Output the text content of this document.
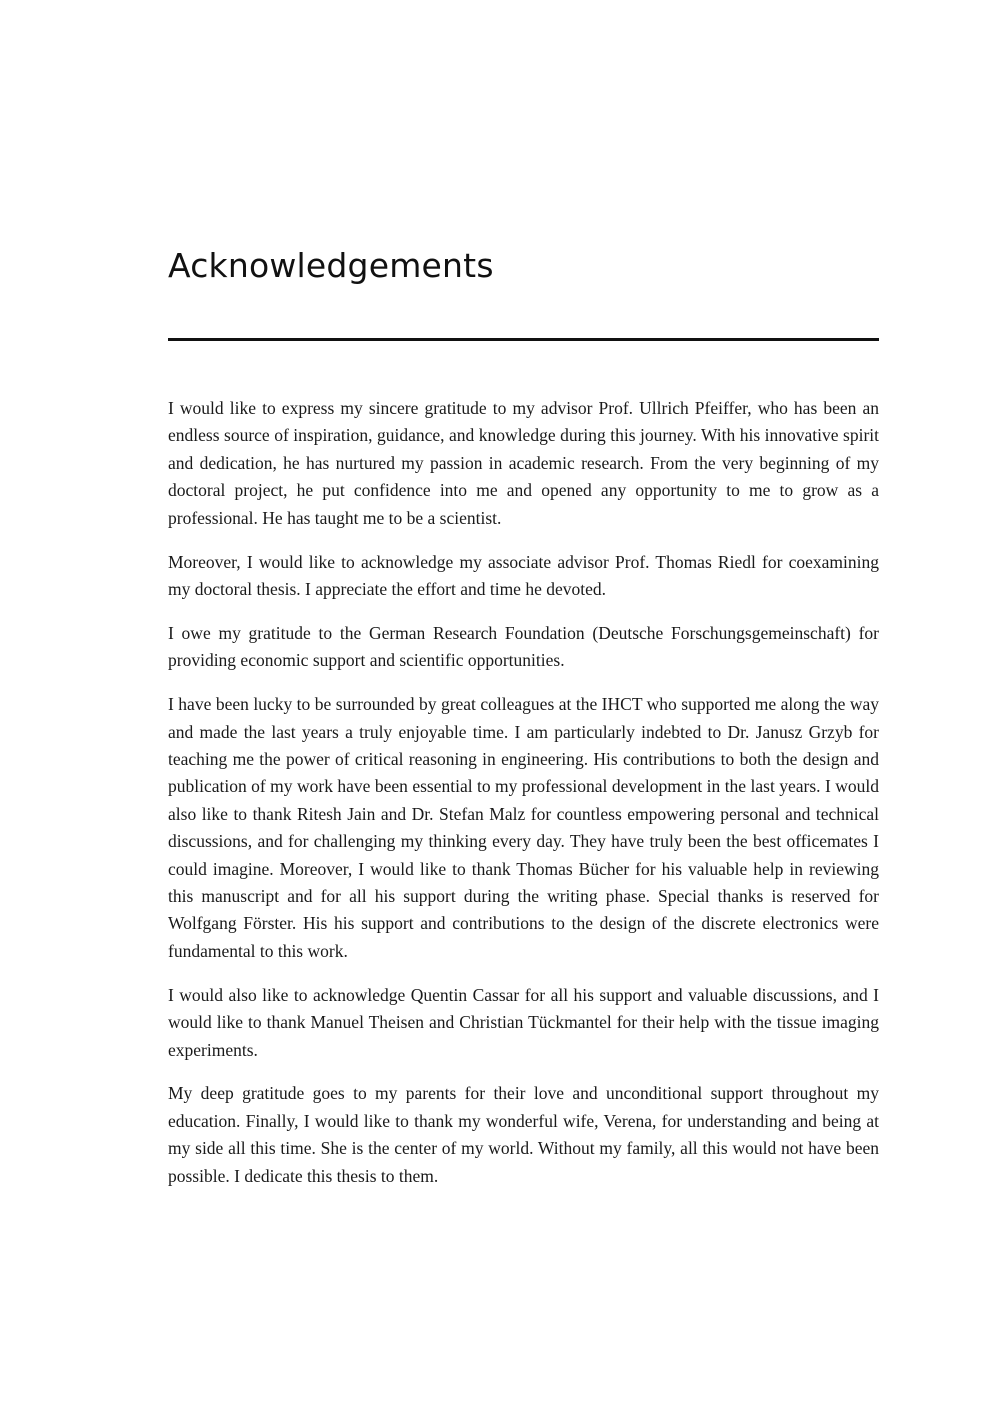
Acknowledgements

I would like to express my sincere gratitude to my advisor Prof. Ullrich Pfeiffer, who has been an endless source of inspiration, guidance, and knowledge during this journey. With his innovative spirit and dedication, he has nurtured my passion in academic research. From the very beginning of my doctoral project, he put confidence into me and opened any opportunity to me to grow as a professional. He has taught me to be a scientist.

Moreover, I would like to acknowledge my associate advisor Prof. Thomas Riedl for coexamining my doctoral thesis. I appreciate the effort and time he devoted.

I owe my gratitude to the German Research Foundation (Deutsche Forschungsgemeinschaft) for providing economic support and scientific opportunities.

I have been lucky to be surrounded by great colleagues at the IHCT who supported me along the way and made the last years a truly enjoyable time. I am particularly indebted to Dr. Janusz Grzyb for teaching me the power of critical reasoning in engineering. His contributions to both the design and publication of my work have been essential to my professional development in the last years. I would also like to thank Ritesh Jain and Dr. Stefan Malz for countless empowering personal and technical discussions, and for challenging my thinking every day. They have truly been the best officemates I could imagine. Moreover, I would like to thank Thomas Bücher for his valuable help in reviewing this manuscript and for all his support during the writing phase. Special thanks is reserved for Wolfgang Förster. His his support and contributions to the design of the discrete electronics were fundamental to this work.

I would also like to acknowledge Quentin Cassar for all his support and valuable discussions, and I would like to thank Manuel Theisen and Christian Tückmantel for their help with the tissue imaging experiments.

My deep gratitude goes to my parents for their love and unconditional support throughout my education. Finally, I would like to thank my wonderful wife, Verena, for understanding and being at my side all this time. She is the center of my world. Without my family, all this would not have been possible. I dedicate this thesis to them.
